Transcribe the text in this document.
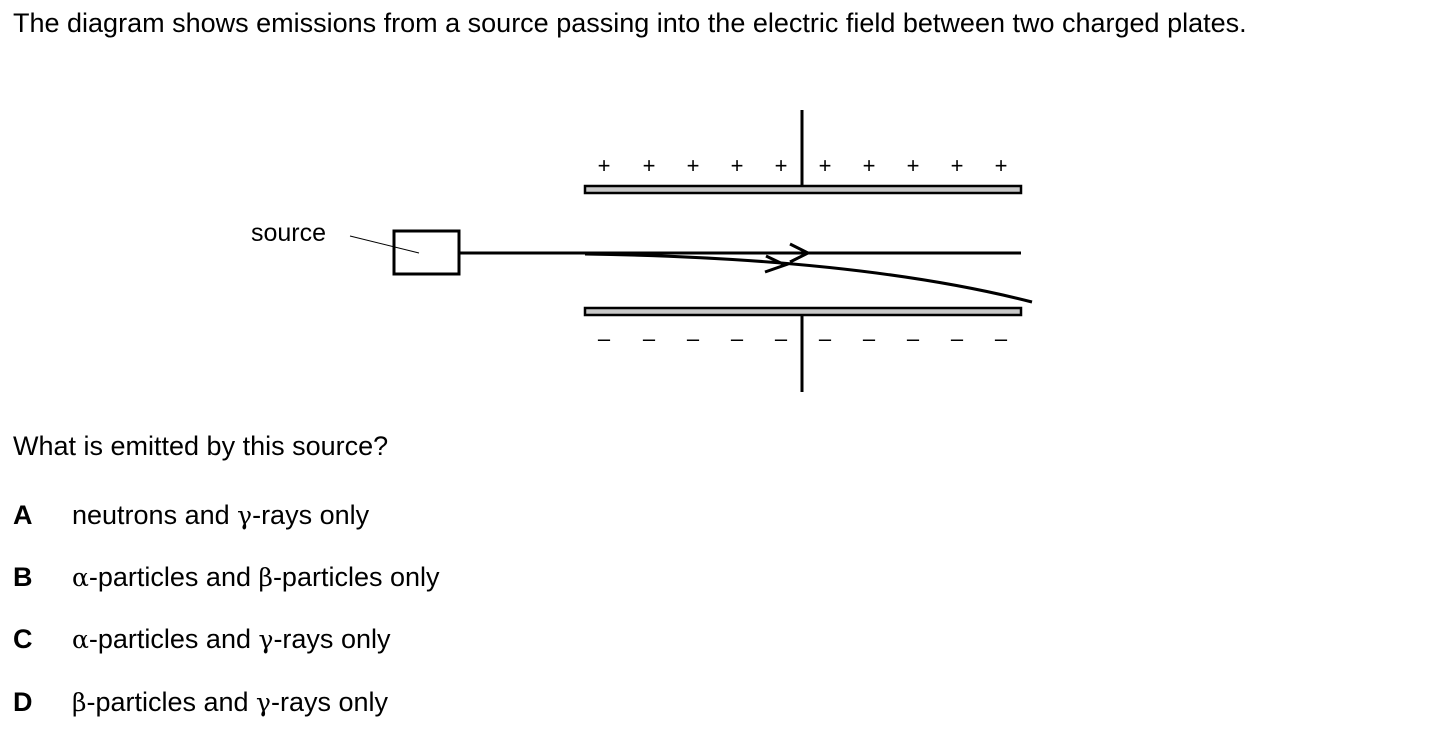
The diagram shows emissions from a source passing into the electric field between two charged plates.

+ + + + + + + + + +
– – – – – – – – – –
source

What is emitted by this source?

A	neutrons and γ-rays only
B	α-particles and β-particles only
C	α-particles and γ-rays only
D	β-particles and γ-rays only
